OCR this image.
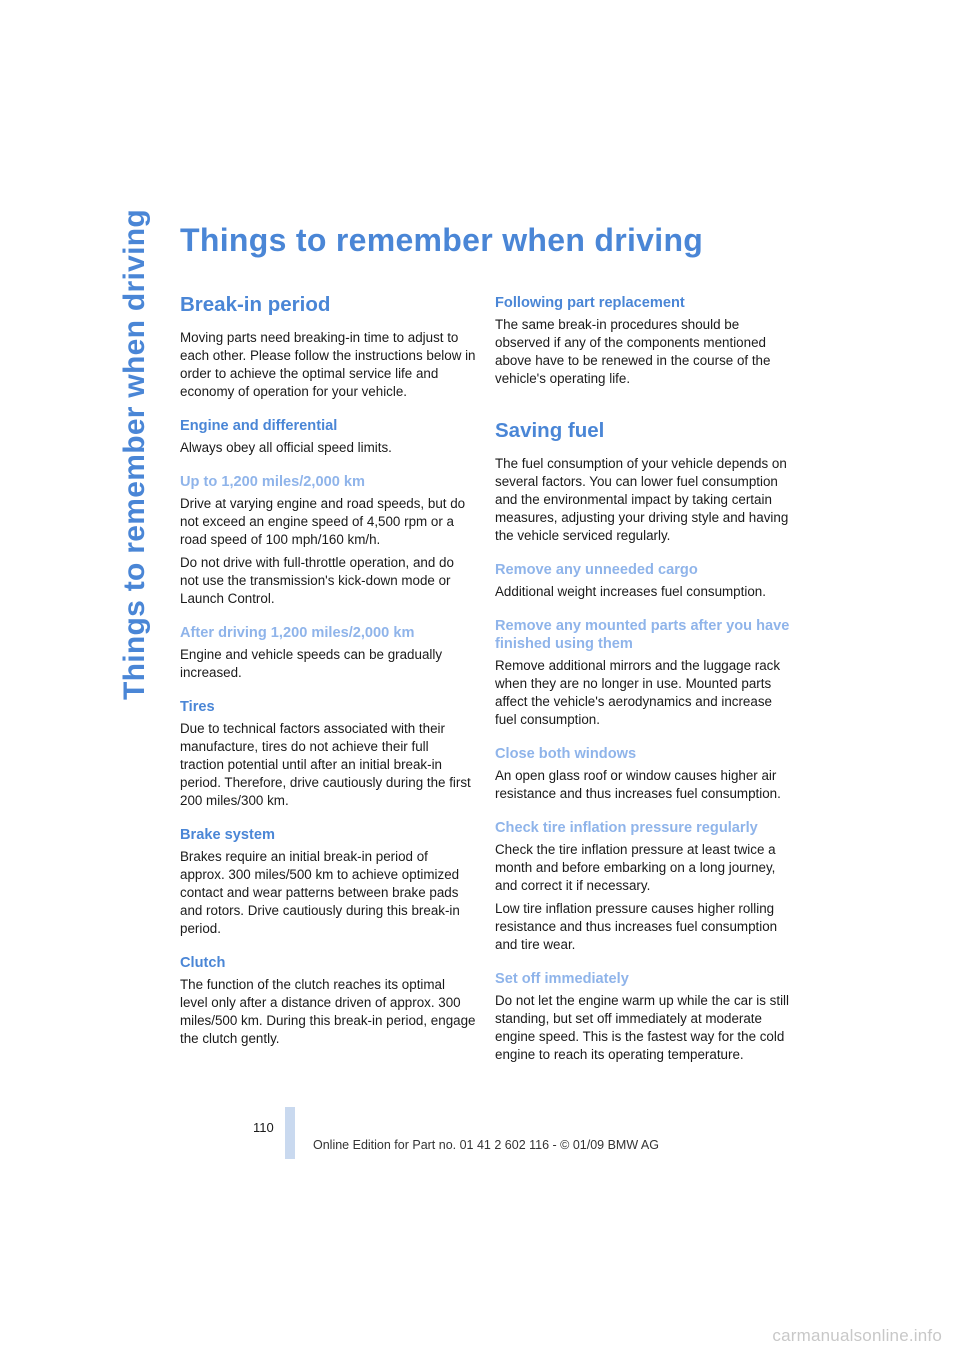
Things to remember when driving Things to remember when driving
Break-in period

Moving parts need breaking-in time to adjust to each other. Please follow the instructions below in order to achieve the optimal service life and economy of operation for your vehicle.

Engine and differential

Always obey all official speed limits.

Up to 1,200 miles/2,000 km

Drive at varying engine and road speeds, but do not exceed an engine speed of 4,500 rpm or a road speed of 100 mph/160 km/h.

Do not drive with full-throttle operation, and do not use the transmission's kick-down mode or Launch Control.

After driving 1,200 miles/2,000 km

Engine and vehicle speeds can be gradually increased.

Tires

Due to technical factors associated with their manufacture, tires do not achieve their full traction potential until after an initial break-in period. Therefore, drive cautiously during the first 200 miles/300 km.

Brake system

Brakes require an initial break-in period of approx. 300 miles/500 km to achieve optimized contact and wear patterns between brake pads and rotors. Drive cautiously during this break-in period.

Clutch

The function of the clutch reaches its optimal level only after a distance driven of approx. 300 miles/500 km. During this break-in period, engage the clutch gently.

Following part replacement

The same break-in procedures should be observed if any of the components mentioned above have to be renewed in the course of the vehicle's operating life.

Saving fuel

The fuel consumption of your vehicle depends on several factors. You can lower fuel consumption and the environmental impact by taking certain measures, adjusting your driving style and having the vehicle serviced regularly.

Remove any unneeded cargo

Additional weight increases fuel consumption.

Remove any mounted parts after you have finished using them

Remove additional mirrors and the luggage rack when they are no longer in use. Mounted parts affect the vehicle's aerodynamics and increase fuel consumption.

Close both windows

An open glass roof or window causes higher air resistance and thus increases fuel consumption.

Check tire inflation pressure regularly

Check the tire inflation pressure at least twice a month and before embarking on a long journey, and correct it if necessary.

Low tire inflation pressure causes higher rolling resistance and thus increases fuel consumption and tire wear.

Set off immediately

Do not let the engine warm up while the car is still standing, but set off immediately at moderate engine speed. This is the fastest way for the cold engine to reach its operating temperature.

110
Online Edition for Part no. 01 41 2 602 116 - © 01/09 BMW AG
carmanualsonline.info
